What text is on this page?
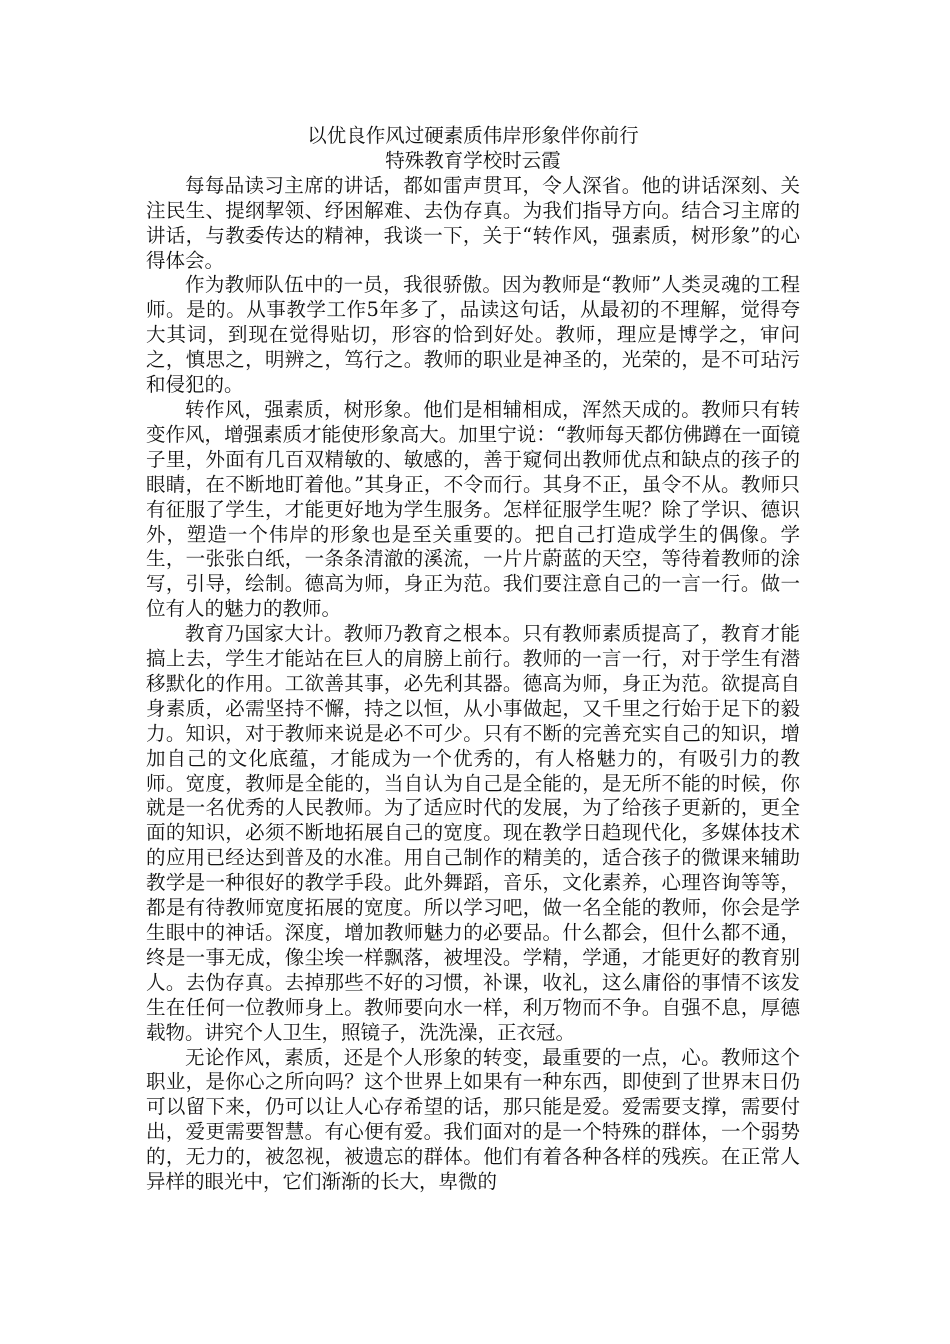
以优良作风过硬素质伟岸形象伴你前行

特殊教育学校时云霞

每每品读习主席的讲话，都如雷声贯耳，令人深省。他的讲话深刻、关注民生、提纲挈领、纾困解难、去伪存真。为我们指导方向。结合习主席的讲话，与教委传达的精神，我谈一下，关于“转作风，强素质，树形象”的心得体会。

作为教师队伍中的一员，我很骄傲。因为教师是“教师”人类灵魂的工程师。是的。从事教学工作5年多了，品读这句话，从最初的不理解，觉得夸大其词，到现在觉得贴切，形容的恰到好处。教师，理应是博学之，审问之，慎思之，明辨之，笃行之。教师的职业是神圣的，光荣的，是不可玷污和侵犯的。

转作风，强素质，树形象。他们是相辅相成，浑然天成的。教师只有转变作风，增强素质才能使形象高大。加里宁说：“教师每天都仿佛蹲在一面镜子里，外面有几百双精敏的、敏感的，善于窥伺出教师优点和缺点的孩子的眼睛，在不断地盯着他。”其身正，不令而行。其身不正，虽令不从。教师只有征服了学生，才能更好地为学生服务。怎样征服学生呢？除了学识、德识外，塑造一个伟岸的形象也是至关重要的。把自己打造成学生的偶像。学生，一张张白纸，一条条清澈的溪流，一片片蔚蓝的天空，等待着教师的涂写，引导，绘制。德高为师，身正为范。我们要注意自己的一言一行。做一位有人的魅力的教师。

教育乃国家大计。教师乃教育之根本。只有教师素质提高了，教育才能搞上去，学生才能站在巨人的肩膀上前行。教师的一言一行，对于学生有潜移默化的作用。工欲善其事，必先利其器。德高为师，身正为范。欲提高自身素质，必需坚持不懈，持之以恒，从小事做起，又千里之行始于足下的毅力。知识，对于教师来说是必不可少。只有不断的完善充实自己的知识，增加自己的文化底蕴，才能成为一个优秀的，有人格魅力的，有吸引力的教师。宽度，教师是全能的，当自认为自己是全能的，是无所不能的时候，你就是一名优秀的人民教师。为了适应时代的发展，为了给孩子更新的，更全面的知识，必须不断地拓展自己的宽度。现在教学日趋现代化，多媒体技术的应用已经达到普及的水准。用自己制作的精美的，适合孩子的微课来辅助教学是一种很好的教学手段。此外舞蹈，音乐，文化素养，心理咨询等等，都是有待教师宽度拓展的宽度。所以学习吧，做一名全能的教师，你会是学生眼中的神话。深度，增加教师魅力的必要品。什么都会，但什么都不通，终是一事无成，像尘埃一样飘落，被埋没。学精，学通，才能更好的教育别人。去伪存真。去掉那些不好的习惯，补课，收礼，这么庸俗的事情不该发生在任何一位教师身上。教师要向水一样，利万物而不争。自强不息，厚德载物。讲究个人卫生，照镜子，洗洗澡，正衣冠。

无论作风，素质，还是个人形象的转变，最重要的一点，心。教师这个职业，是你心之所向吗？这个世界上如果有一种东西，即使到了世界末日仍可以留下来，仍可以让人心存希望的话，那只能是爱。爱需要支撑，需要付出，爱更需要智慧。有心便有爱。我们面对的是一个特殊的群体，一个弱势的，无力的，被忽视，被遗忘的群体。他们有着各种各样的残疾。在正常人异样的眼光中，它们渐渐的长大，卑微的
